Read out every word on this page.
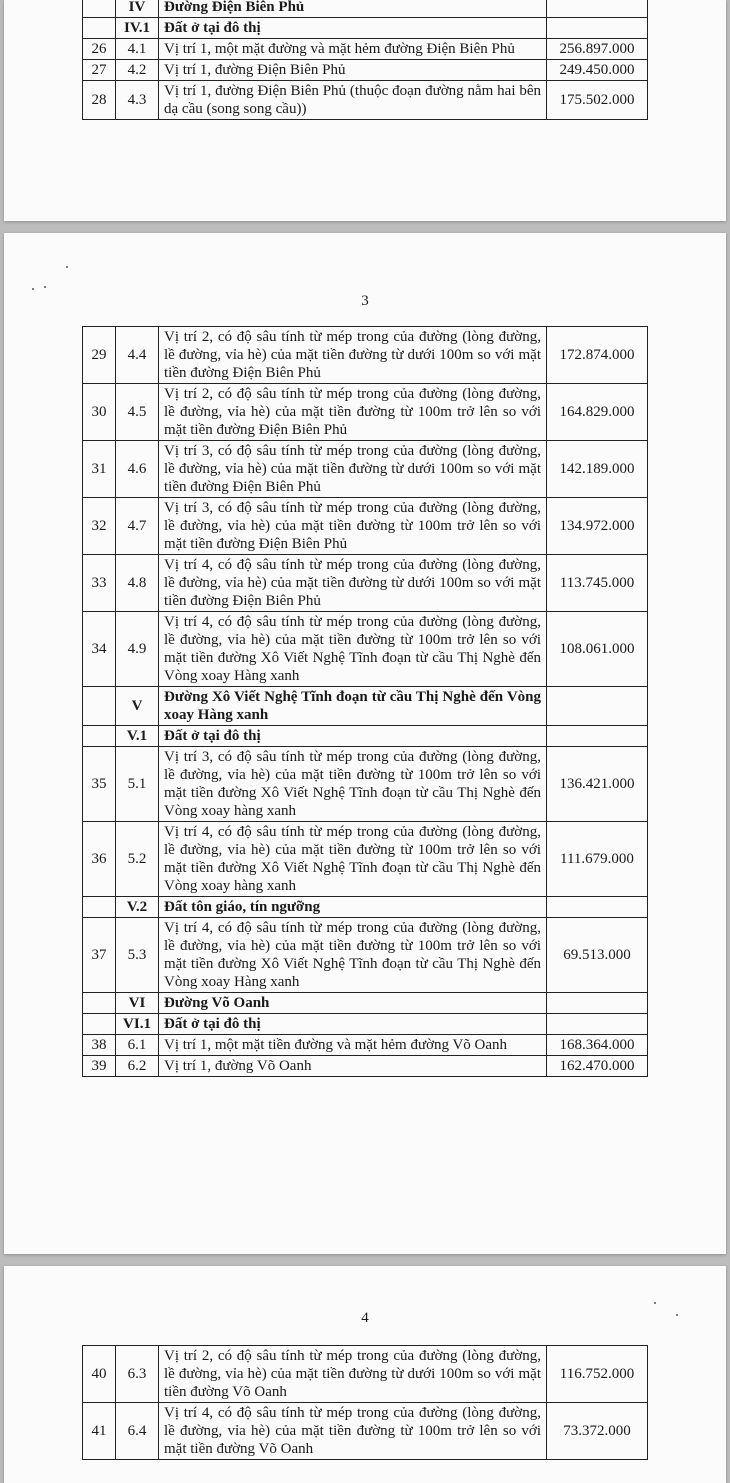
	IV	Đường Điện Biên Phủ	
	IV.1	Đất ở tại đô thị	
26	4.1	Vị trí 1, một mặt đường và mặt hẻm đường Điện Biên Phủ	256.897.000
27	4.2	Vị trí 1, đường Điện Biên Phủ	249.450.000
28	4.3	Vị trí 1, đường Điện Biên Phủ (thuộc đoạn đường nằm hai bên dạ cầu (song song cầu))	175.502.000
3
29	4.4	Vị trí 2, có độ sâu tính từ mép trong của đường (lòng đường, lề đường, vỉa hè) của mặt tiền đường từ dưới 100m so với mặt tiền đường Điện Biên Phủ	172.874.000
30	4.5	Vị trí 2, có độ sâu tính từ mép trong của đường (lòng đường, lề đường, vỉa hè) của mặt tiền đường từ 100m trở lên so với mặt tiền đường Điện Biên Phủ	164.829.000
31	4.6	Vị trí 3, có độ sâu tính từ mép trong của đường (lòng đường, lề đường, vỉa hè) của mặt tiền đường từ dưới 100m so với mặt tiền đường Điện Biên Phủ	142.189.000
32	4.7	Vị trí 3, có độ sâu tính từ mép trong của đường (lòng đường, lề đường, vỉa hè) của mặt tiền đường từ 100m trở lên so với mặt tiền đường Điện Biên Phủ	134.972.000
33	4.8	Vị trí 4, có độ sâu tính từ mép trong của đường (lòng đường, lề đường, vỉa hè) của mặt tiền đường từ dưới 100m so với mặt tiền đường Điện Biên Phủ	113.745.000
34	4.9	Vị trí 4, có độ sâu tính từ mép trong của đường (lòng đường, lề đường, vỉa hè) của mặt tiền đường từ 100m trở lên so với mặt tiền đường Xô Viết Nghệ Tĩnh đoạn từ cầu Thị Nghè đến Vòng xoay Hàng xanh	108.061.000
	V	Đường Xô Viết Nghệ Tĩnh đoạn từ cầu Thị Nghè đến Vòng xoay Hàng xanh	
	V.1	Đất ở tại đô thị	
35	5.1	Vị trí 3, có độ sâu tính từ mép trong của đường (lòng đường, lề đường, vỉa hè) của mặt tiền đường từ 100m trở lên so với mặt tiền đường Xô Viết Nghệ Tĩnh đoạn từ cầu Thị Nghè đến Vòng xoay hàng xanh	136.421.000
36	5.2	Vị trí 4, có độ sâu tính từ mép trong của đường (lòng đường, lề đường, vỉa hè) của mặt tiền đường từ 100m trở lên so với mặt tiền đường Xô Viết Nghệ Tĩnh đoạn từ cầu Thị Nghè đến Vòng xoay hàng xanh	111.679.000
	V.2	Đất tôn giáo, tín ngưỡng	
37	5.3	Vị trí 4, có độ sâu tính từ mép trong của đường (lòng đường, lề đường, vỉa hè) của mặt tiền đường từ 100m trở lên so với mặt tiền đường Xô Viết Nghệ Tĩnh đoạn từ cầu Thị Nghè đến Vòng xoay Hàng xanh	69.513.000
	VI	Đường Võ Oanh	
	VI.1	Đất ở tại đô thị	
38	6.1	Vị trí 1, một mặt tiền đường và mặt hẻm đường Võ Oanh	168.364.000
39	6.2	Vị trí 1, đường Võ Oanh	162.470.000
4
40	6.3	Vị trí 2, có độ sâu tính từ mép trong của đường (lòng đường, lề đường, vỉa hè) của mặt tiền đường từ dưới 100m so với mặt tiền đường Võ Oanh	116.752.000
41	6.4	Vị trí 4, có độ sâu tính từ mép trong của đường (lòng đường, lề đường, vỉa hè) của mặt tiền đường từ 100m trở lên so với mặt tiền đường Võ Oanh	73.372.000
